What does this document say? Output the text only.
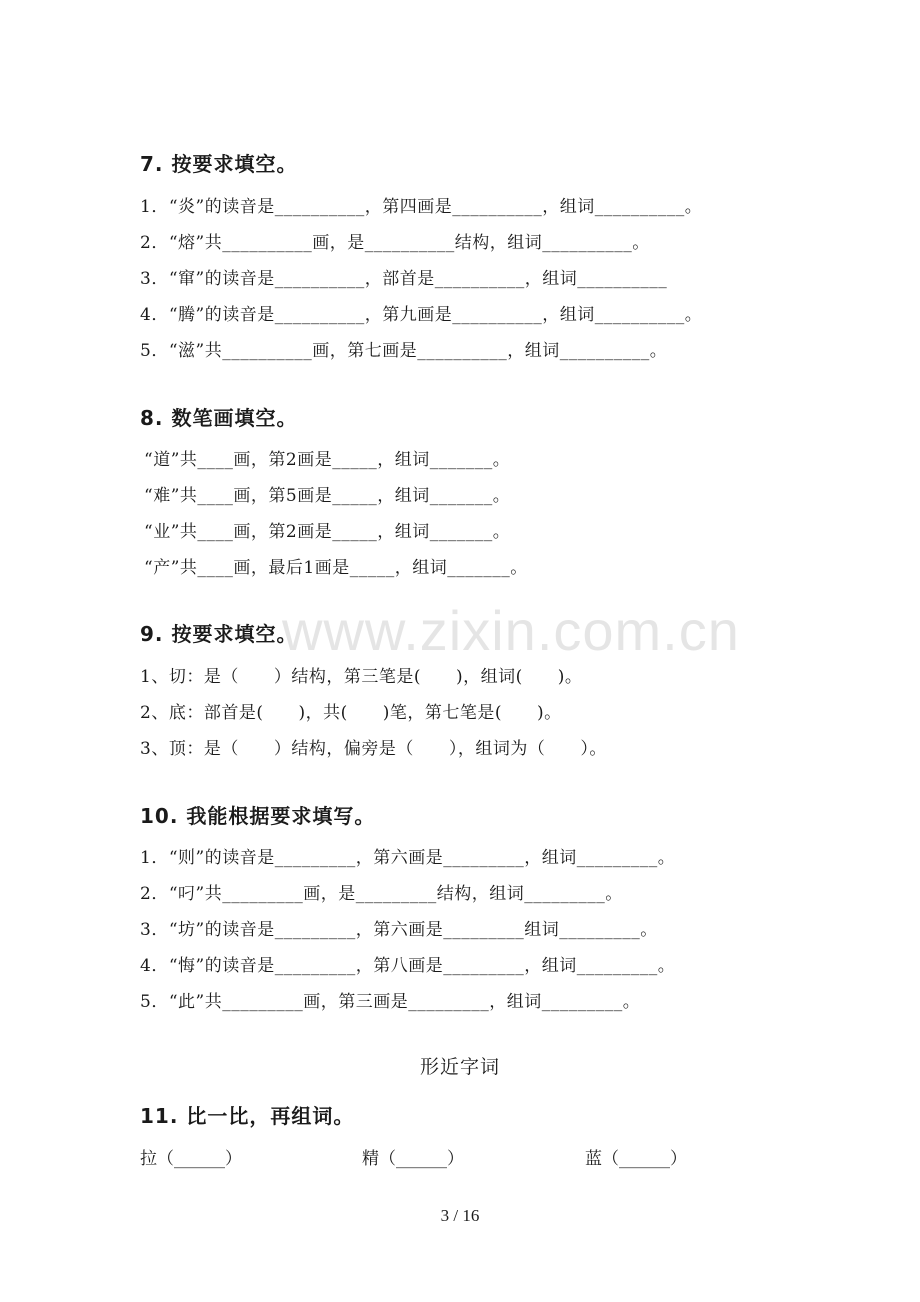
7. 按要求填空。
1．“炎”的读音是__________，第四画是__________，组词__________。
2．“熔”共__________画，是__________结构，组词__________。
3．“窜”的读音是__________，部首是__________，组词__________
4．“腾”的读音是__________，第九画是__________，组词__________。
5．“滋”共__________画，第七画是__________，组词__________。
8. 数笔画填空。
“道”共____画，第2画是_____，组词_______。
“难”共____画，第5画是_____，组词_______。
“业”共____画，第2画是_____，组词_______。
“产”共____画，最后1画是_____，组词_______。
www.zixin.com.cn
9. 按要求填空。
1、切：是（　　）结构，第三笔是(　　)，组词(　　)。
2、底：部首是(　　)，共(　　)笔，第七笔是(　　)。
3、顶：是（　　）结构，偏旁是（　　），组词为（　　）。
10. 我能根据要求填写。
1．“则”的读音是_________，第六画是_________，组词_________。
2．“叼”共_________画，是_________结构，组词_________。
3．“坊”的读音是_________，第六画是_________组词_________。
4．“悔”的读音是_________，第八画是_________，组词_________。
5．“此”共_________画，第三画是_________，组词_________。
形近字词
11. 比一比，再组词。
拉（______）	精（______）	蓝（______）
3 / 16
